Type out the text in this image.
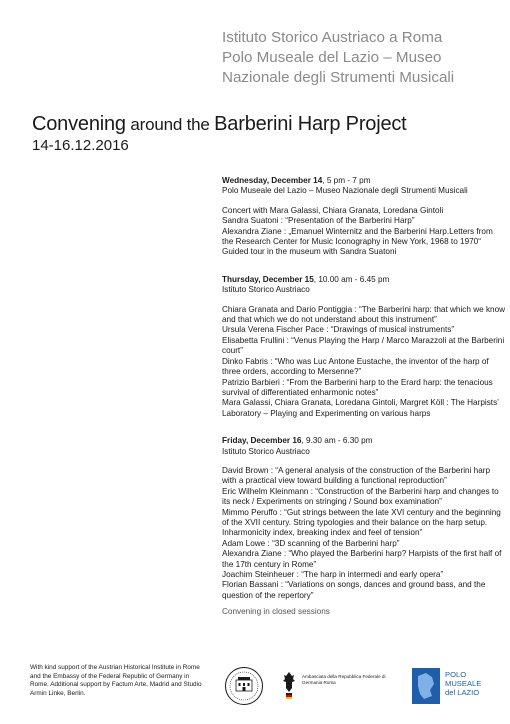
Istituto Storico Austriaco a Roma
Polo Museale del Lazio – Museo
Nazionale degli Strumenti Musicali
Convening around the Barberini Harp Project
14-16.12.2016
Wednesday, December 14, 5 pm - 7 pm
Polo Museale del Lazio – Museo Nazionale degli Strumenti Musicali
Concert with Mara Galassi, Chiara Granata, Loredana Gintoli
Sandra Suatoni : “Presentation of the Barberini Harp”
Alexandra Ziane : „Emanuel Winternitz and the Barberini Harp.Letters from the Research Center for Music Iconography in New York, 1968 to 1970“
Guided tour in the museum with Sandra Suatoni
Thursday, December 15, 10.00 am - 6.45 pm
Istituto Storico Austriaco
Chiara Granata and Dario Pontiggia : “The Barberini harp: that which we know and that which we do not understand about this instrument”
Ursula Verena Fischer Pace : “Drawings of musical instruments”
Elisabetta Frullini : “Venus Playing the Harp / Marco Marazzoli at the Barberini court”
Dinko Fabris : “Who was Luc Antone Eustache, the inventor of the harp of three orders, according to Mersenne?”
Patrizio Barbieri : “From the Barberini harp to the Erard harp: the tenacious survival of differentiated enharmonic notes”
Mara Galassi, Chiara Granata, Loredana Gintoli, Margret Köll : The Harpists’ Laboratory – Playing and Experimenting on various harps
Friday, December 16, 9.30 am - 6.30 pm
Istituto Storico Austriaco
David Brown : “A general analysis of the construction of the Barberini harp with a practical view toward building a functional reproduction”
Eric Wilhelm Kleinmann : “Construction of the Barberini harp and changes to its neck / Experiments on stringing / Sound box examination”
Mimmo Peruffo : “Gut strings between the late XVI century and the beginning of the XVII century. String typologies and their balance on the harp setup. Inharmonicity index, breaking index and feel of tension”
Adam Lowe : “3D scanning of the Barberini harp”
Alexandra Ziane : “Who played the Barberini harp? Harpists of the first half of the 17th century in Rome”
Joachim Steinheuer : “The harp in intermedi and early opera”
Florian Bassani : “Variations on songs, dances and ground bass, and the question of the repertory”
Convening in closed sessions
With kind support of the Austrian Historical Institute in Rome and the Embassy of the Federal Republic of Germany in Rome. Additional support by Factum Arte, Madrid and Studio Armin Linke, Berlin.
Ambasciata della Repubblica Federale di Germania Roma
POLO
MUSEALE
del LAZIO
